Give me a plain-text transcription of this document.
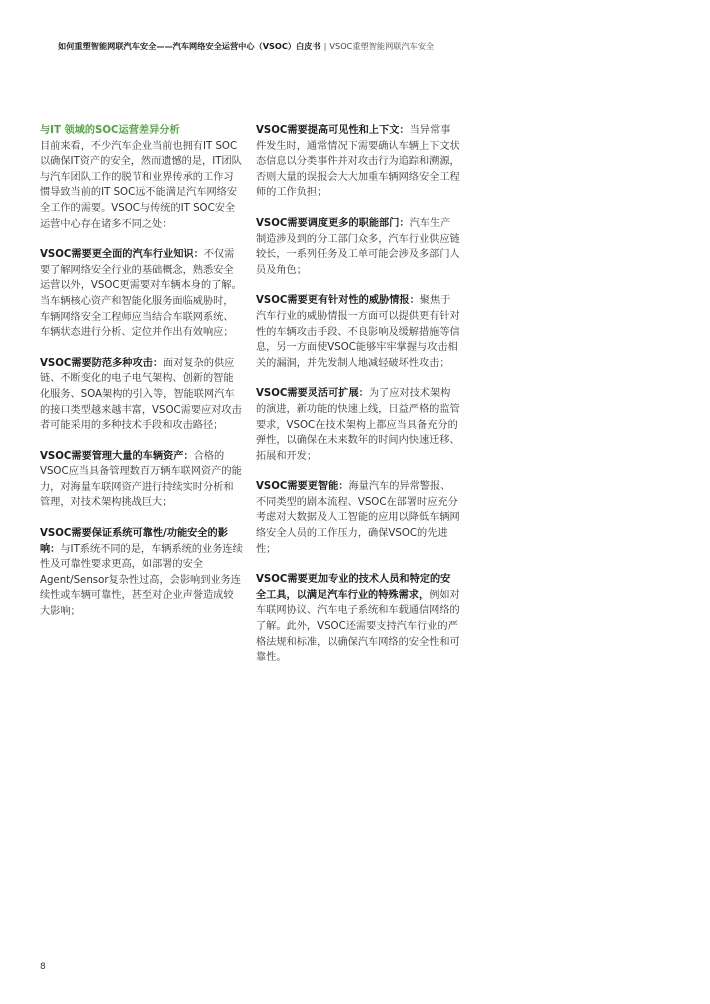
如何重塑智能网联汽车安全——汽车网络安全运营中心（VSOC）白皮书 | VSOC重塑智能网联汽车安全
与IT 领域的SOC运营差异分析
目前来看，不少汽车企业当前也拥有IT SOC以确保IT资产的安全，然而遗憾的是，IT团队与汽车团队工作的脱节和业界传承的工作习惯导致当前的IT SOC远不能满足汽车网络安全工作的需要。VSOC与传统的IT SOC安全运营中心存在诸多不同之处：
VSOC需要更全面的汽车行业知识：不仅需要了解网络安全行业的基础概念，熟悉安全运营以外，VSOC更需要对车辆本身的了解。当车辆核心资产和智能化服务面临威胁时，车辆网络安全工程师应当结合车联网系统、车辆状态进行分析、定位并作出有效响应；
VSOC需要防范多种攻击：面对复杂的供应链、不断变化的电子电气架构、创新的智能化服务、SOA架构的引入等，智能联网汽车的接口类型越来越丰富，VSOC需要应对攻击者可能采用的多种技术手段和攻击路径；
VSOC需要管理大量的车辆资产：合格的VSOC应当具备管理数百万辆车联网资产的能力，对海量车联网资产进行持续实时分析和管理，对技术架构挑战巨大；
VSOC需要保证系统可靠性/功能安全的影响：与IT系统不同的是，车辆系统的业务连续性及可靠性要求更高，如部署的安全Agent/Sensor复杂性过高，会影响到业务连续性或车辆可靠性，甚至对企业声誉造成较大影响；
VSOC需要提高可见性和上下文：当异常事件发生时，通常情况下需要确认车辆上下文状态信息以分类事件并对攻击行为追踪和溯源，否则大量的误报会大大加重车辆网络安全工程师的工作负担；
VSOC需要调度更多的职能部门：汽车生产制造涉及到的分工部门众多，汽车行业供应链较长，一系列任务及工单可能会涉及多部门人员及角色；
VSOC需要更有针对性的威胁情报：聚焦于汽车行业的威胁情报一方面可以提供更有针对性的车辆攻击手段、不良影响及缓解措施等信息，另一方面使VSOC能够牢牢掌握与攻击相关的漏洞，并先发制人地减轻破坏性攻击；
VSOC需要灵活可扩展：为了应对技术架构的演进，新功能的快速上线，日益严格的监管要求，VSOC在技术架构上都应当具备充分的弹性，以确保在未来数年的时间内快速迁移、拓展和开发；
VSOC需要更智能：海量汽车的异常警报、不同类型的剧本流程、VSOC在部署时应充分考虑对大数据及人工智能的应用以降低车辆网络安全人员的工作压力，确保VSOC的先进性；
VSOC需要更加专业的技术人员和特定的安全工具，以满足汽车行业的特殊需求，例如对车联网协议、汽车电子系统和车载通信网络的了解。此外，VSOC还需要支持汽车行业的严格法规和标准，以确保汽车网络的安全性和可靠性。
8
